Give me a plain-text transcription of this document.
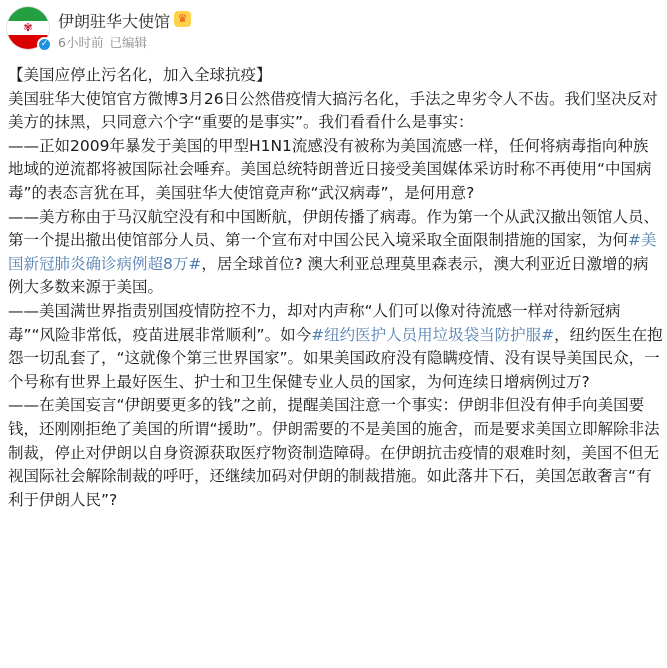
✾
✓
伊朗驻华大使馆 ♛
6小时前 已编辑

【美国应停止污名化，加入全球抗疫】

美国驻华大使馆官方微博3月26日公然借疫情大搞污名化，手法之卑劣令人不齿。我们坚决反对美方的抹黑，只同意六个字“重要的是事实”。我们看看什么是事实：

——正如2009年暴发于美国的甲型H1N1流感没有被称为美国流感一样，任何将病毒指向种族地域的逆流都将被国际社会唾弃。美国总统特朗普近日接受美国媒体采访时称不再使用“中国病毒”的表态言犹在耳，美国驻华大使馆竟声称“武汉病毒”，是何用意?

——美方称由于马汉航空没有和中国断航，伊朗传播了病毒。作为第一个从武汉撤出领馆人员、第一个提出撤出使馆部分人员、第一个宣布对中国公民入境采取全面限制措施的国家，为何#美国新冠肺炎确诊病例超8万#，居全球首位? 澳大利亚总理莫里森表示，澳大利亚近日激增的病例大多数来源于美国。

——美国满世界指责别国疫情防控不力，却对内声称“人们可以像对待流感一样对待新冠病毒”“风险非常低，疫苗进展非常顺利”。如今#纽约医护人员用垃圾袋当防护服#，纽约医生在抱怨一切乱套了，“这就像个第三世界国家”。如果美国政府没有隐瞒疫情、没有误导美国民众，一个号称有世界上最好医生、护士和卫生保健专业人员的国家，为何连续日增病例过万?

——在美国妄言“伊朗要更多的钱”之前，提醒美国注意一个事实：伊朗非但没有伸手向美国要钱，还刚刚拒绝了美国的所谓“援助”。伊朗需要的不是美国的施舍，而是要求美国立即解除非法制裁，停止对伊朗以自身资源获取医疗物资制造障碍。在伊朗抗击疫情的艰难时刻，美国不但无视国际社会解除制裁的呼吁，还继续加码对伊朗的制裁措施。如此落井下石，美国怎敢奢言“有利于伊朗人民”?
